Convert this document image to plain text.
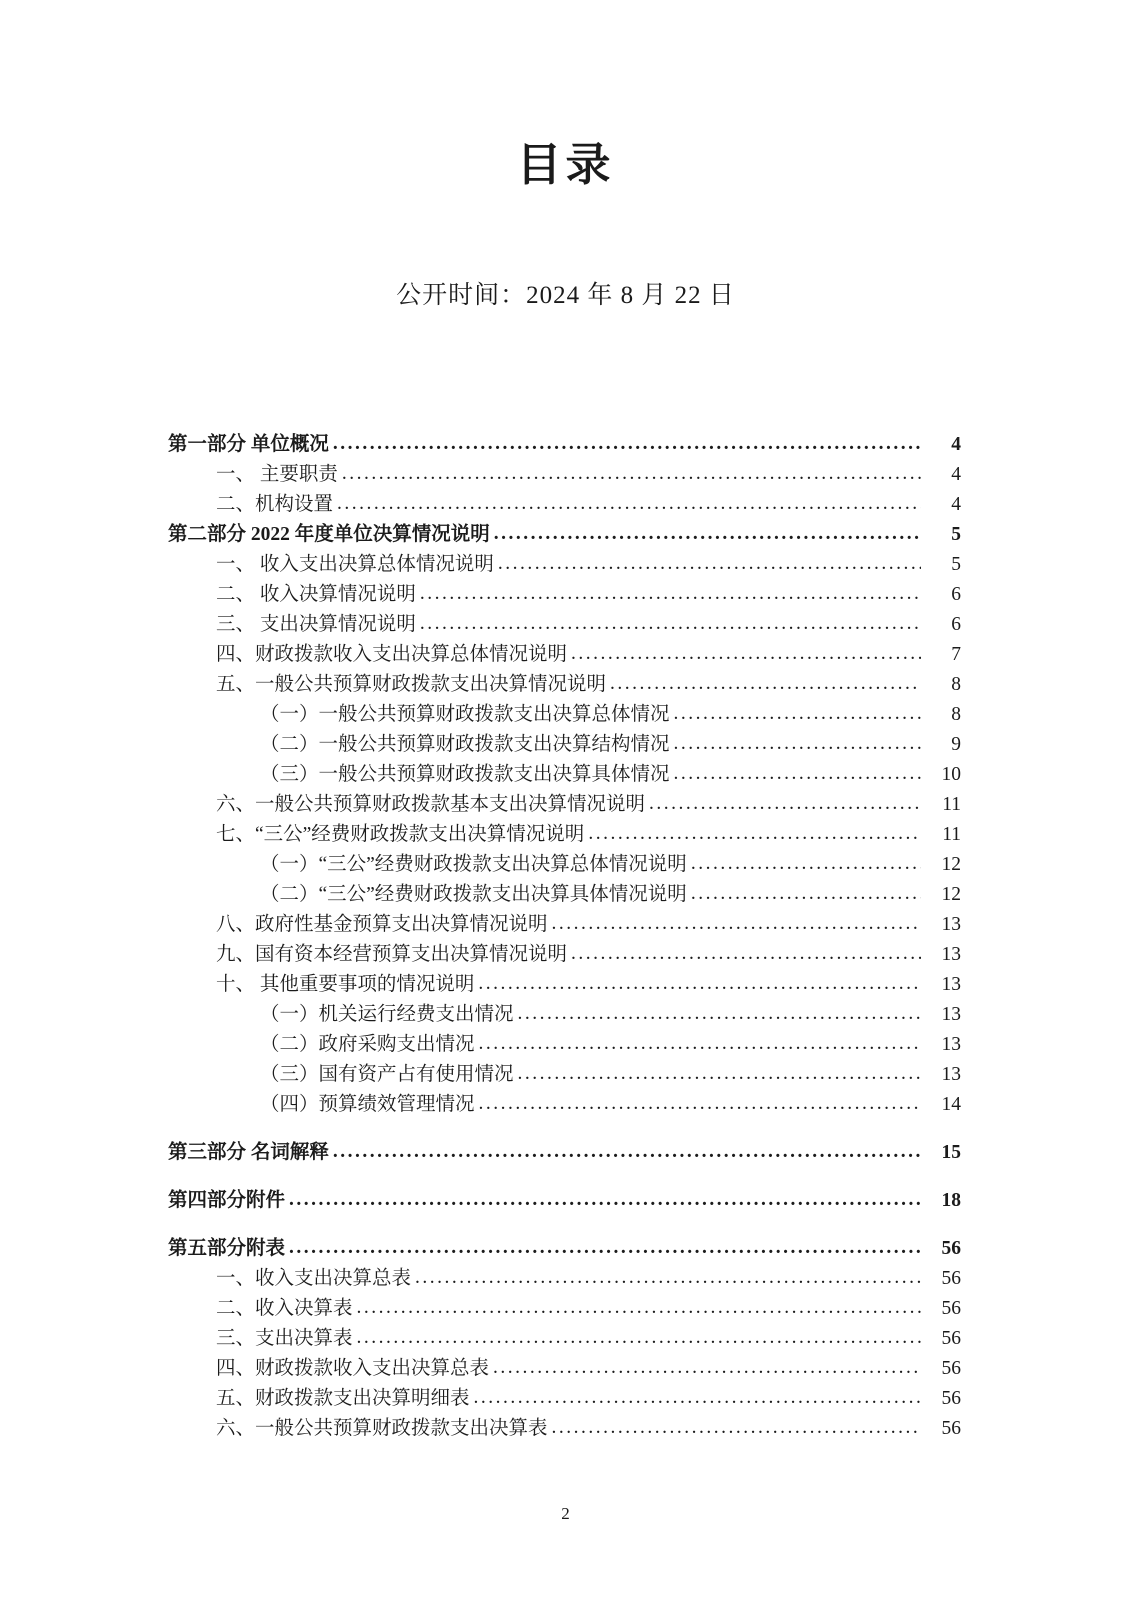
目录

公开时间：2024 年 8 月 22 日

第一部分 单位概况 .....	4
一、 主要职责 .....	4
二、机构设置 .....	4
第二部分 2022 年度单位决算情况说明 .....	5
一、 收入支出决算总体情况说明 .....	5
二、 收入决算情况说明 .....	6
三、 支出决算情况说明 .....	6
四、财政拨款收入支出决算总体情况说明 .....	7
五、一般公共预算财政拨款支出决算情况说明 .....	8
（一）一般公共预算财政拨款支出决算总体情况 .....	8
（二）一般公共预算财政拨款支出决算结构情况 .....	9
（三）一般公共预算财政拨款支出决算具体情况 .....	10
六、一般公共预算财政拨款基本支出决算情况说明 .....	11
七、“三公”经费财政拨款支出决算情况说明 .....	11
（一）“三公”经费财政拨款支出决算总体情况说明 .....	12
（二）“三公”经费财政拨款支出决算具体情况说明 .....	12
八、政府性基金预算支出决算情况说明 .....	13
九、国有资本经营预算支出决算情况说明 .....	13
十、 其他重要事项的情况说明 .....	13
（一）机关运行经费支出情况 .....	13
（二）政府采购支出情况 .....	13
（三）国有资产占有使用情况 .....	13
（四）预算绩效管理情况 .....	14
第三部分 名词解释 .....	15
第四部分附件 .....	18
第五部分附表 .....	56
一、收入支出决算总表 .....	56
二、收入决算表 .....	56
三、支出决算表 .....	56
四、财政拨款收入支出决算总表 .....	56
五、财政拨款支出决算明细表 .....	56
六、一般公共预算财政拨款支出决算表 .....	56
2
